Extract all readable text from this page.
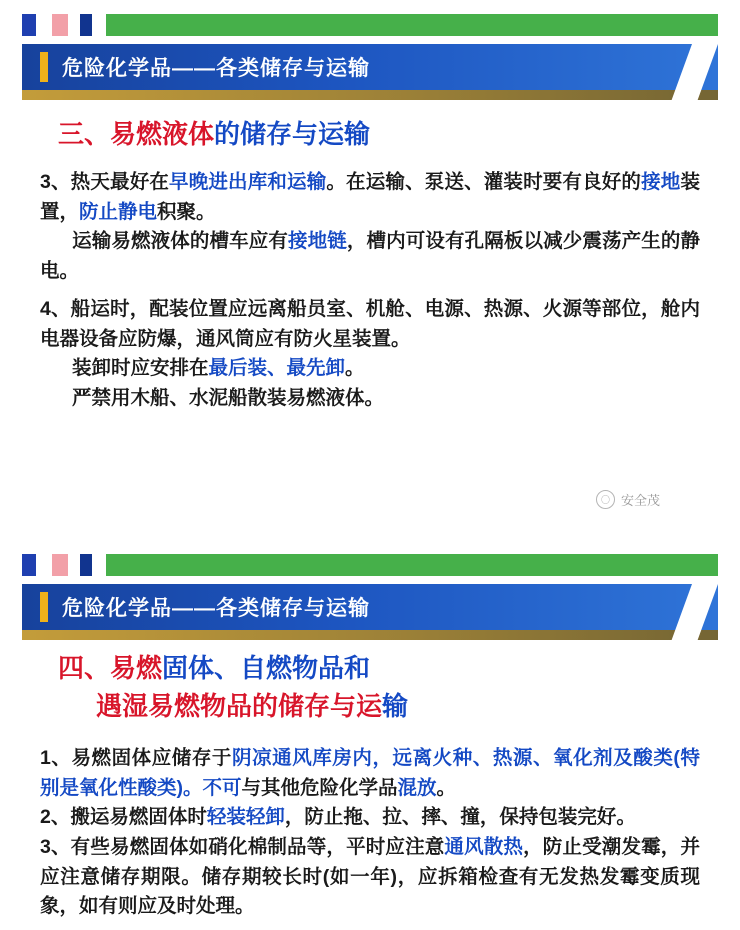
危险化学品——各类储存与运输
三、易燃液体的储存与运输
3、热天最好在早晚进出库和运输。在运输、泵送、灌装时要有良好的接地装置，防止静电积聚。
运输易燃液体的槽车应有接地链，槽内可设有孔隔板以减少震荡产生的静电。
4、船运时，配装位置应远离船员室、机舱、电源、热源、火源等部位，舱内电器设备应防爆，通风筒应有防火星装置。
装卸时应安排在最后装、最先卸。
严禁用木船、水泥船散装易燃液体。
〇 安全茂
危险化学品——各类储存与运输
四、易燃固体、自燃物品和
遇湿易燃物品的储存与运输
1、易燃固体应储存于阴凉通风库房内，远离火种、热源、氧化剂及酸类(特别是氧化性酸类)。不可与其他危险化学品混放。
2、搬运易燃固体时轻装轻卸，防止拖、拉、摔、撞，保持包装完好。
3、有些易燃固体如硝化棉制品等，平时应注意通风散热，防止受潮发霉，并应注意储存期限。储存期较长时(如一年)，应拆箱检查有无发热发霉变质现象，如有则应及时处理。
